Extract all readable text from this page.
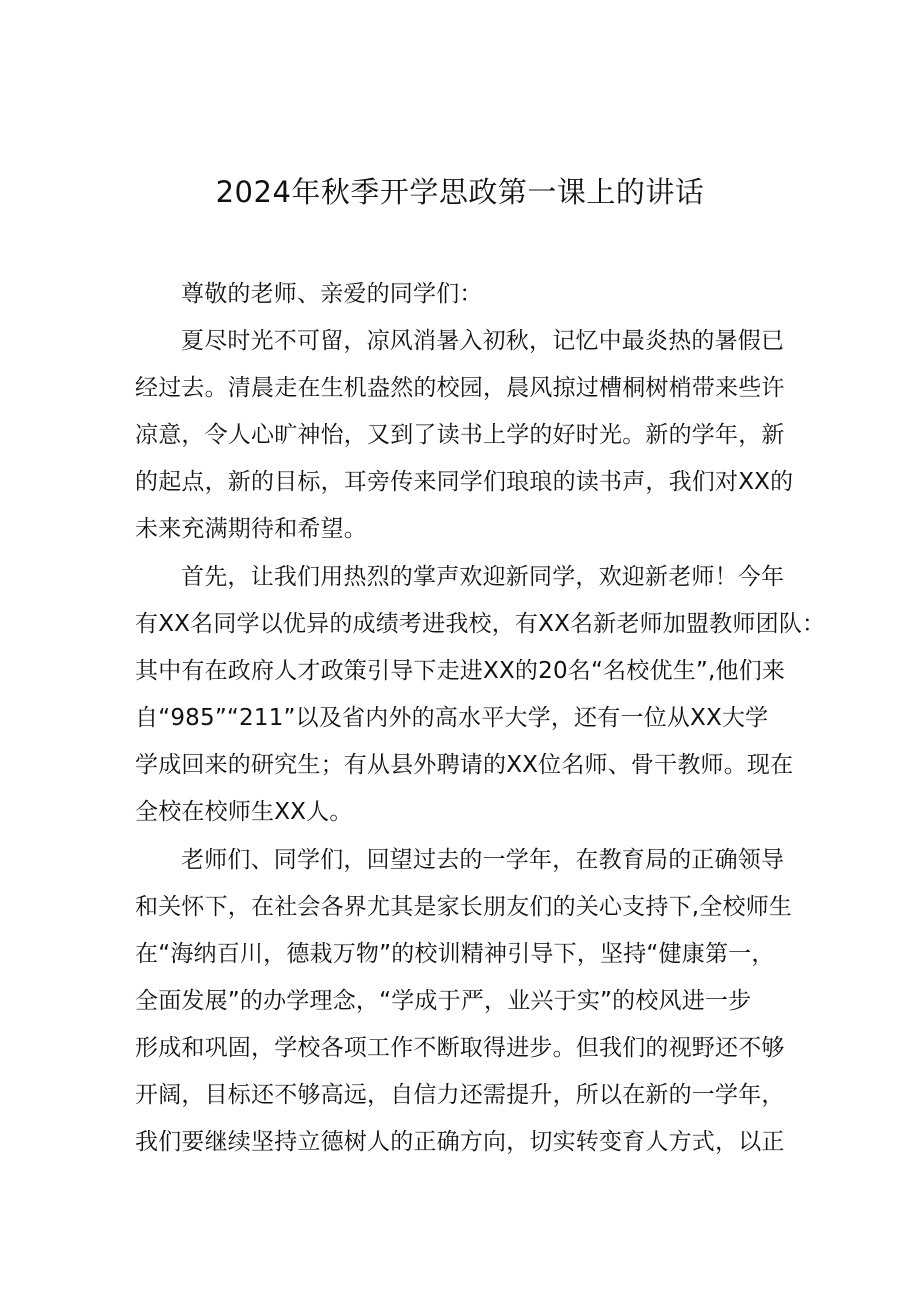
2024年秋季开学思政第一课上的讲话
尊敬的老师、亲爱的同学们：
夏尽时光不可留，凉风消暑入初秋，记忆中最炎热的暑假已
经过去。清晨走在生机盎然的校园，晨风掠过槽桐树梢带来些许
凉意，令人心旷神怡，又到了读书上学的好时光。新的学年，新
的起点，新的目标，耳旁传来同学们琅琅的读书声，我们对XX的
未来充满期待和希望。
首先，让我们用热烈的掌声欢迎新同学，欢迎新老师！今年
有XX名同学以优异的成绩考进我校，有XX名新老师加盟教师团队：
其中有在政府人才政策引导下走进XX的20名“名校优生”,他们来
自“985”“211”以及省内外的高水平大学，还有一位从XX大学
学成回来的研究生；有从县外聘请的XX位名师、骨干教师。现在
全校在校师生XX人。
老师们、同学们，回望过去的一学年，在教育局的正确领导
和关怀下，在社会各界尤其是家长朋友们的关心支持下,全校师生
在“海纳百川，德栽万物”的校训精神引导下，坚持“健康第一，
全面发展”的办学理念，“学成于严，业兴于实”的校风进一步
形成和巩固，学校各项工作不断取得进步。但我们的视野还不够
开阔，目标还不够高远，自信力还需提升，所以在新的一学年，
我们要继续坚持立德树人的正确方向，切实转变育人方式，以正
